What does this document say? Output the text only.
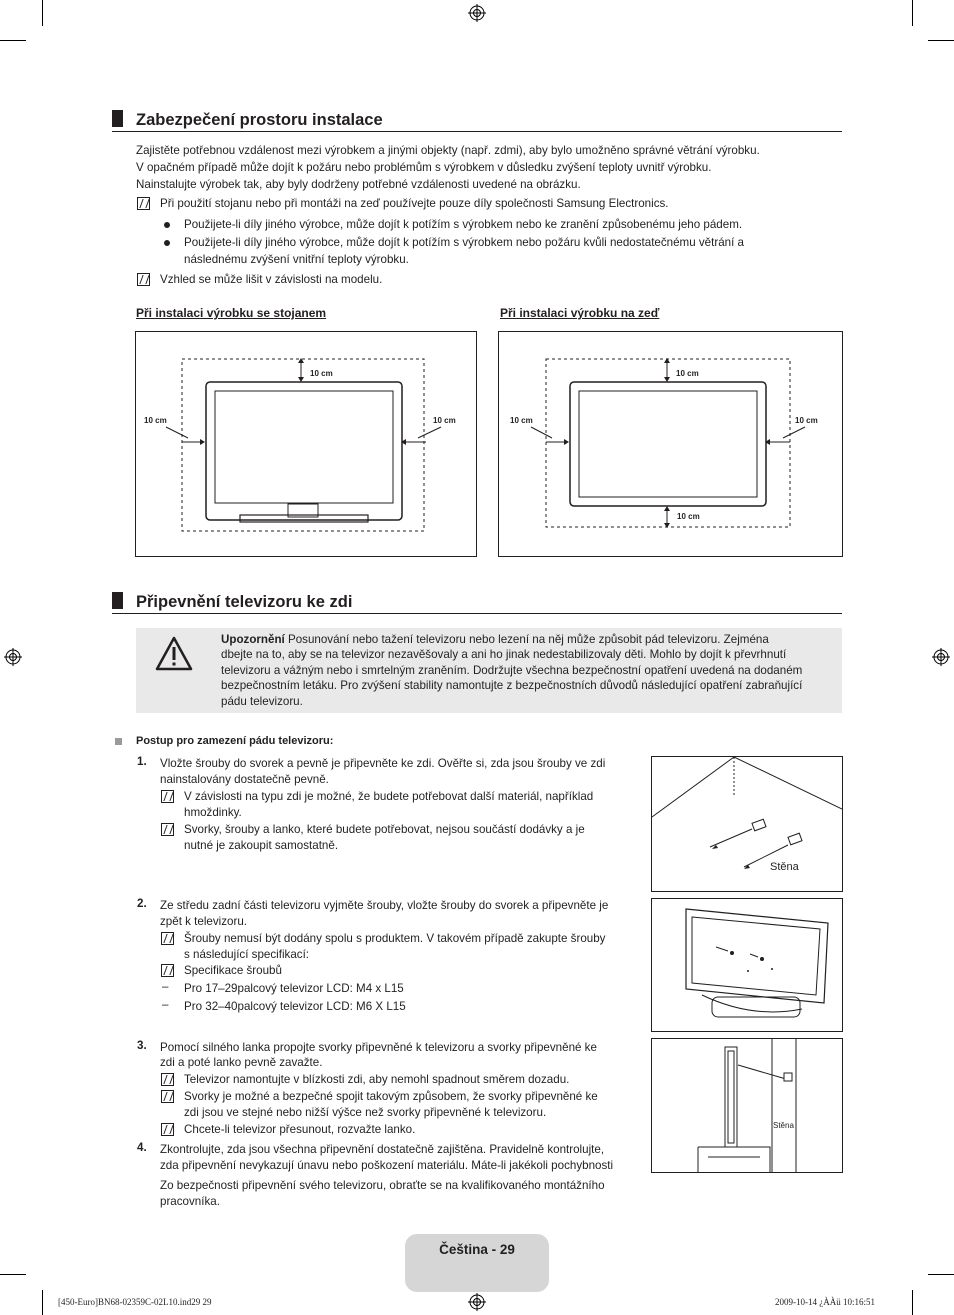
Zabezpečení prostoru instalace
Zajistěte potřebnou vzdálenost mezi výrobkem a jinými objekty (např. zdmi), aby bylo umožněno správné větrání výrobku.
V opačném případě může dojít k požáru nebo problémům s výrobkem v důsledku zvýšení teploty uvnitř výrobku.
Nainstalujte výrobek tak, aby byly dodrženy potřebné vzdálenosti uvedené na obrázku.
Při použití stojanu nebo při montáži na zeď používejte pouze díly společnosti Samsung Electronics.
Použijete-li díly jiného výrobce, může dojít k potížím s výrobkem nebo ke zranění způsobenému jeho pádem.
Použijete-li díly jiného výrobce, může dojít k potížím s výrobkem nebo požáru kvůli nedostatečnému větrání a
následnému zvýšení vnitřní teploty výrobku.
Vzhled se může lišit v závislosti na modelu.
Při instalaci výrobku se stojanem	Při instalaci výrobku na zeď
10 cm
10 cm	10 cm
10 cm
10 cm	10 cm
10 cm
Připevnění televizoru ke zdi
Upozornění Posunování nebo tažení televizoru nebo lezení na něj může způsobit pád televizoru. Zejména
dbejte na to, aby se na televizor nezavěšovaly a ani ho jinak nedestabilizovaly děti. Mohlo by dojít k převrhnutí
televizoru a vážným nebo i smrtelným zraněním. Dodržujte všechna bezpečnostní opatření uvedená na dodaném
bezpečnostním letáku. Pro zvýšení stability namontujte z bezpečnostních důvodů následující opatření zabraňující
pádu televizoru.
Postup pro zamezení pádu televizoru:
1. Vložte šrouby do svorek a pevně je připevněte ke zdi. Ověřte si, zda jsou šrouby ve zdi
nainstalovány dostatečně pevně.
V závislosti na typu zdi je možné, že budete potřebovat další materiál, například
hmoždinky.
Svorky, šrouby a lanko, které budete potřebovat, nejsou součástí dodávky a je
nutné je zakoupit samostatně.
2. Ze středu zadní části televizoru vyjměte šrouby, vložte šrouby do svorek a připevněte je
zpět k televizoru.
Šrouby nemusí být dodány spolu s produktem. V takovém případě zakupte šrouby
s následující specifikací:
Specifikace šroubů
– Pro 17–29palcový televizor LCD: M4 x L15
– Pro 32–40palcový televizor LCD: M6 X L15
3. Pomocí silného lanka propojte svorky připevněné k televizoru a svorky připevněné ke
zdi a poté lanko pevně zavažte.
Televizor namontujte v blízkosti zdi, aby nemohl spadnout směrem dozadu.
Svorky je možné a bezpečné spojit takovým způsobem, že svorky připevněné ke
zdi jsou ve stejné nebo nižší výšce než svorky připevněné k televizoru.
Chcete-li televizor přesunout, rozvažte lanko.
4. Zkontrolujte, zda jsou všechna připevnění dostatečně zajištěna. Pravidelně kontrolujte,
zda připevnění nevykazují únavu nebo poškození materiálu. Máte-li jakékoli pochybnosti
Zo bezpečnosti připevnění svého televizoru, obraťte se na kvalifikovaného montážního
pracovníka.
Stěna
Stěna
Čeština - 29
[450-Euro]BN68-02359C-02L10.ind29 29	2009-10-14 ¿ÀÀü 10:16:51
